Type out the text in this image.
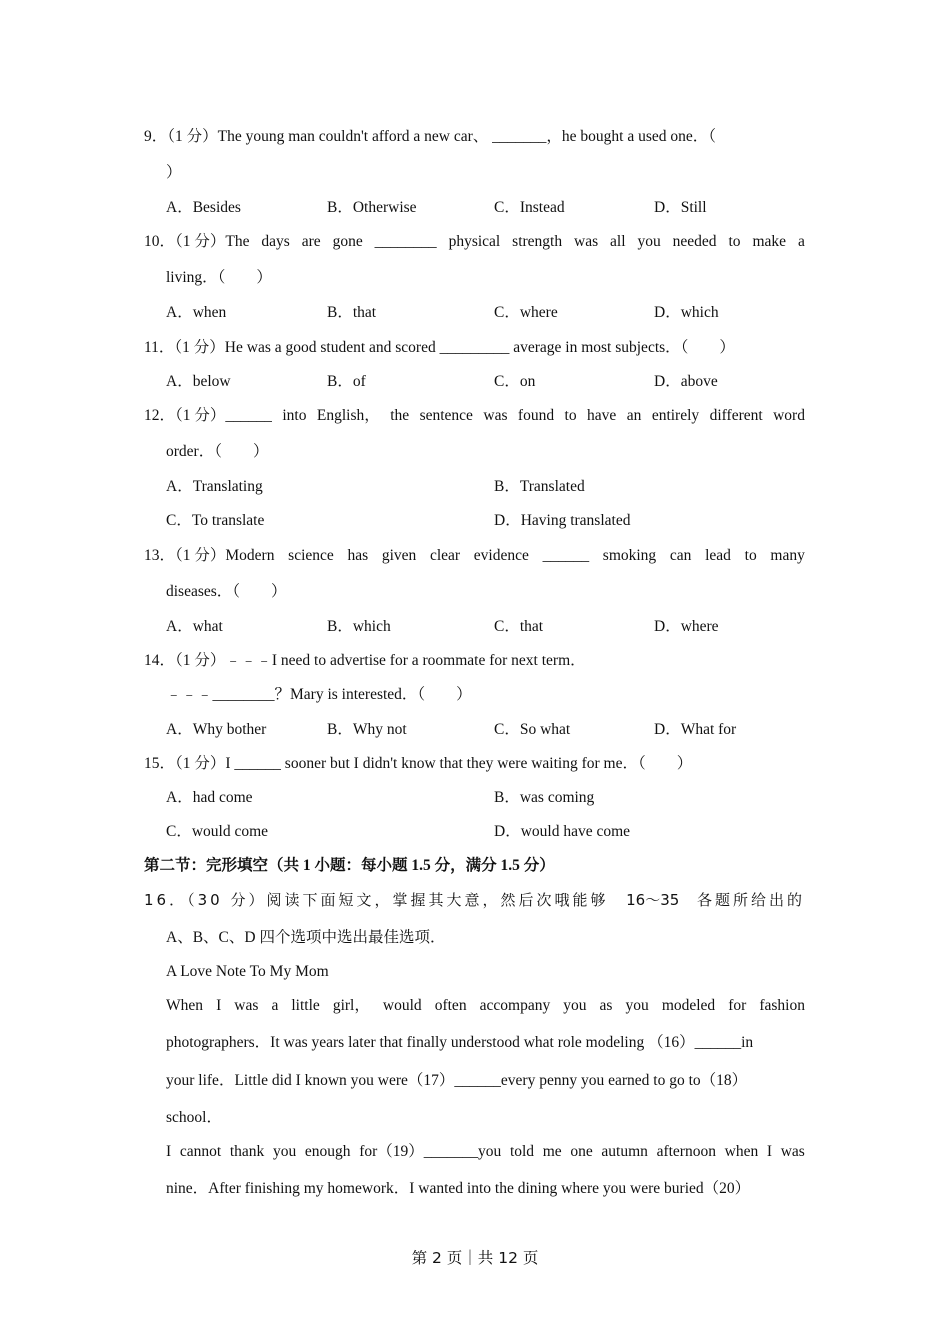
9．（1 分）The young man couldn't afford a new car、 _______，he bought a used one．（
）
A．Besides	B．Otherwise	C．Instead	D．Still
10．（1 分）The days are gone ________ physical strength was all you needed to make a
living．（　　）
A．when	B．that	C．where	D．which
11．（1 分）He was a good student and scored _________ average in most subjects．（　　）
A．below	B．of	C．on	D．above
12．（1 分）______ into English， the sentence was found to have an entirely different word
order．（　　）
A．Translating	B．Translated
C．To translate	D．Having translated
13．（1 分）Modern science has given clear evidence ______ smoking can lead to many
diseases．（　　）
A．what	B．which	C．that	D．where
14．（1 分）﹣﹣﹣I need to advertise for a roommate for next term．
﹣﹣﹣________？Mary is interested．（　　）
A．Why bother	B．Why not	C．So what	D．What for
15．（1 分）I ______ sooner but I didn't know that they were waiting for me．（　　）
A．had come	B．was coming
C．would come	D．would have come
第二节：完形填空（共 1 小题：每小题 1.5 分，满分 1.5 分）
16．（30 分）阅读下面短文，掌握其大意，然后次哦能够 16～35 各题所给出的
A、B、C、D 四个选项中选出最佳选项．
A Love Note To My Mom
When I was a little girl， would often accompany you as you modeled for fashion
photographers．It was years later that finally understood what role modeling （16）______in
your life．Little did I known you were（17）______every penny you earned to go to（18）
school．
I cannot thank you enough for（19）_______you told me one autumn afternoon when I was
nine．After finishing my homework．I wanted into the dining where you were buried（20）
第 2 页｜共 12 页
